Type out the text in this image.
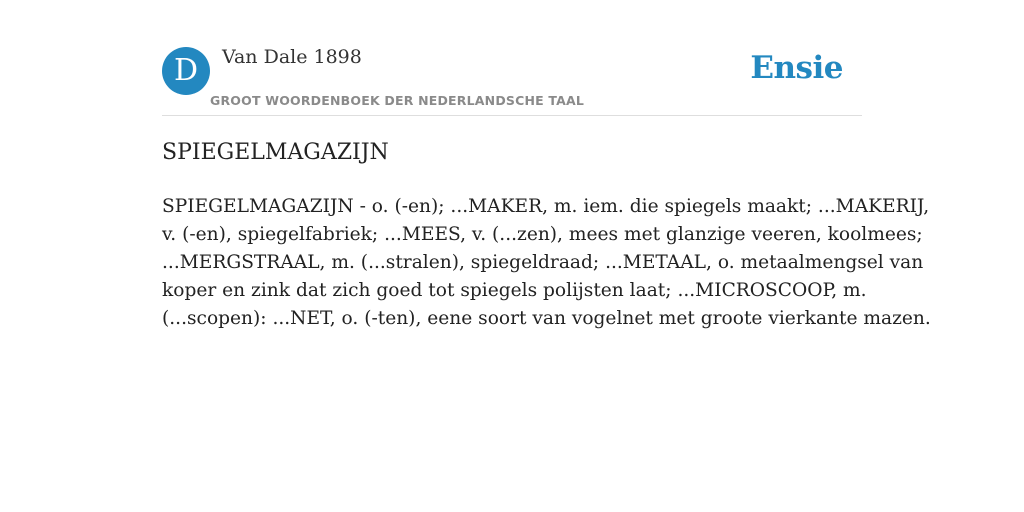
D	Van Dale 1898
GROOT WOORDENBOEK DER NEDERLANDSCHE TAAL
Ensie
SPIEGELMAGAZIJN

SPIEGELMAGAZIJN - o. (-en); ...MAKER, m. iem. die spiegels maakt; ...MAKERIJ,
v. (-en), spiegelfabriek; ...MEES, v. (...zen), mees met glanzige veeren, koolmees;
...MERGSTRAAL, m. (...stralen), spiegeldraad; ...METAAL, o. metaalmengsel van
koper en zink dat zich goed tot spiegels polijsten laat; ...MICROSCOOP, m.
(...scopen): ...NET, o. (-ten), eene soort van vogelnet met groote vierkante mazen.
